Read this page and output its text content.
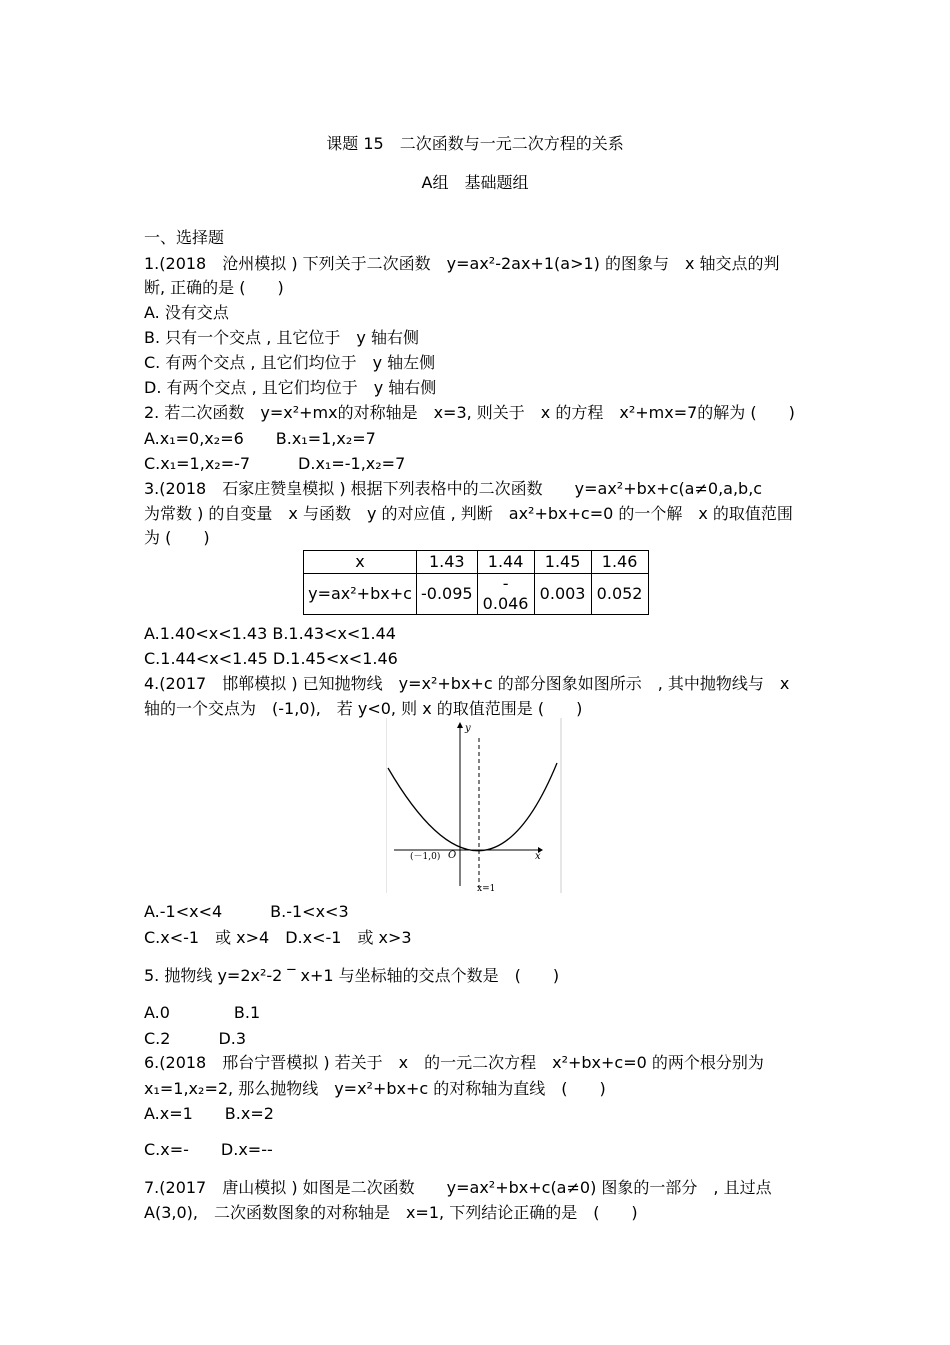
课题 15　二次函数与一元二次方程的关系
A组　基础题组
一、选择题
1.(2018　沧州模拟 ) 下列关于二次函数　y=ax²-2ax+1(a>1) 的图象与　x 轴交点的判
断, 正确的是 (　　)
A. 没有交点
B. 只有一个交点 , 且它位于　y 轴右侧
C. 有两个交点 , 且它们均位于　y 轴左侧
D. 有两个交点 , 且它们均位于　y 轴右侧
2. 若二次函数　y=x²+mx的对称轴是　x=3, 则关于　x 的方程　x²+mx=7的解为 (　　)
A.x₁=0,x₂=6　　B.x₁=1,x₂=7
C.x₁=1,x₂=-7　　　D.x₁=-1,x₂=7
3.(2018　石家庄赞皇模拟 ) 根据下列表格中的二次函数　　y=ax²+bx+c(a≠0,a,b,c
为常数 ) 的自变量　x 与函数　y 的对应值 , 判断　ax²+bx+c=0 的一个解　x 的取值范围
为 (　　)
x	1.43	1.44	1.45	1.46
y=ax²+bx+c	-0.095	- 0.046	0.003	0.052
A.1.40<x<1.43 B.1.43<x<1.44
C.1.44<x<1.45 D.1.45<x<1.46
4.(2017　邯郸模拟 ) 已知抛物线　y=x²+bx+c 的部分图象如图所示　, 其中抛物线与　x
轴的一个交点为　(-1,0),　若 y<0, 则 x 的取值范围是 (　　)
y
x
O
(－1,0)
x=1
A.-1<x<4　　　B.-1<x<3
C.x<-1　或 x>4　D.x<-1　或 x>3
5. 抛物线 y=2x²-2 ‾ x+1 与坐标轴的交点个数是　(　　)
A.0　　　　B.1
C.2　　　D.3
6.(2018　邢台宁晋模拟 ) 若关于　x　的一元二次方程　x²+bx+c=0 的两个根分别为
x₁=1,x₂=2, 那么抛物线　y=x²+bx+c 的对称轴为直线　(　　)
A.x=1　　B.x=2
C.x=‐　　D.x=-‐
7.(2017　唐山模拟 ) 如图是二次函数　　y=ax²+bx+c(a≠0) 图象的一部分　, 且过点
A(3,0),　二次函数图象的对称轴是　x=1, 下列结论正确的是　(　　)
